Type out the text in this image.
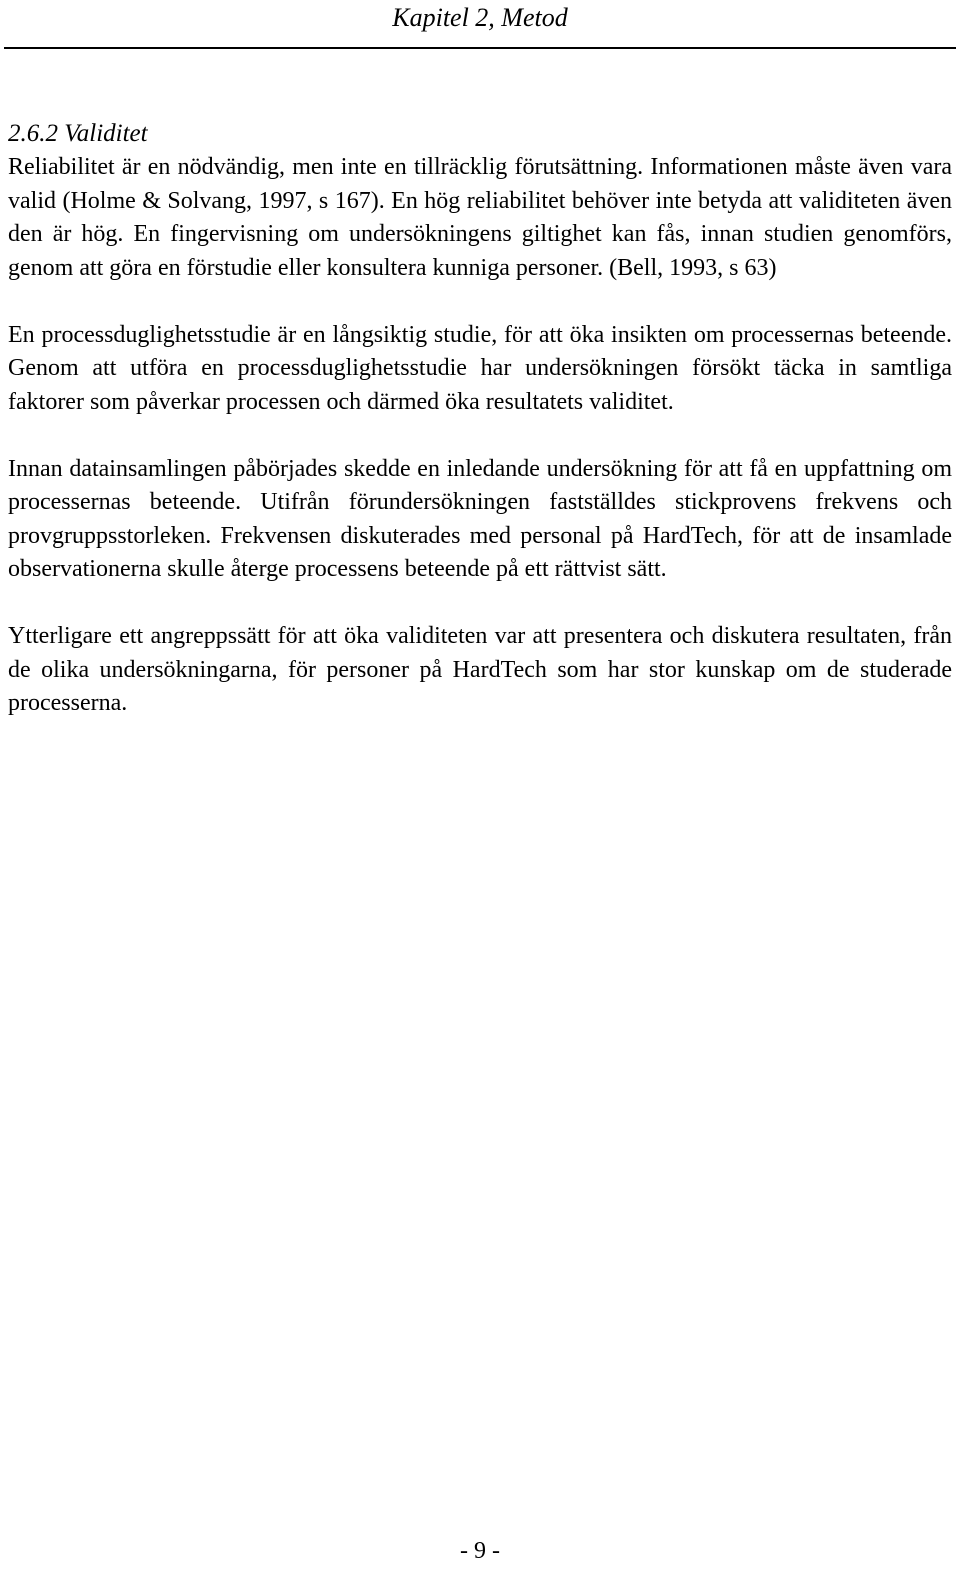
Kapitel 2, Metod
2.6.2 Validitet

Reliabilitet är en nödvändig, men inte en tillräcklig förutsättning. Informationen måste även vara valid (Holme & Solvang, 1997, s 167). En hög reliabilitet behöver inte betyda att validiteten även den är hög. En fingervisning om undersökningens giltighet kan fås, innan studien genomförs, genom att göra en förstudie eller konsultera kunniga personer. (Bell, 1993, s 63)

En processduglighetsstudie är en långsiktig studie, för att öka insikten om processernas beteende. Genom att utföra en processduglighetsstudie har undersökningen försökt täcka in samtliga faktorer som påverkar processen och därmed öka resultatets validitet.

Innan datainsamlingen påbörjades skedde en inledande undersökning för att få en uppfattning om processernas beteende. Utifrån förundersökningen fastställdes stickprovens frekvens och provgruppsstorleken. Frekvensen diskuterades med personal på HardTech, för att de insamlade observationerna skulle återge processens beteende på ett rättvist sätt.

Ytterligare ett angreppssätt för att öka validiteten var att presentera och diskutera resultaten, från de olika undersökningarna, för personer på HardTech som har stor kunskap om de studerade processerna.

- 9 -
